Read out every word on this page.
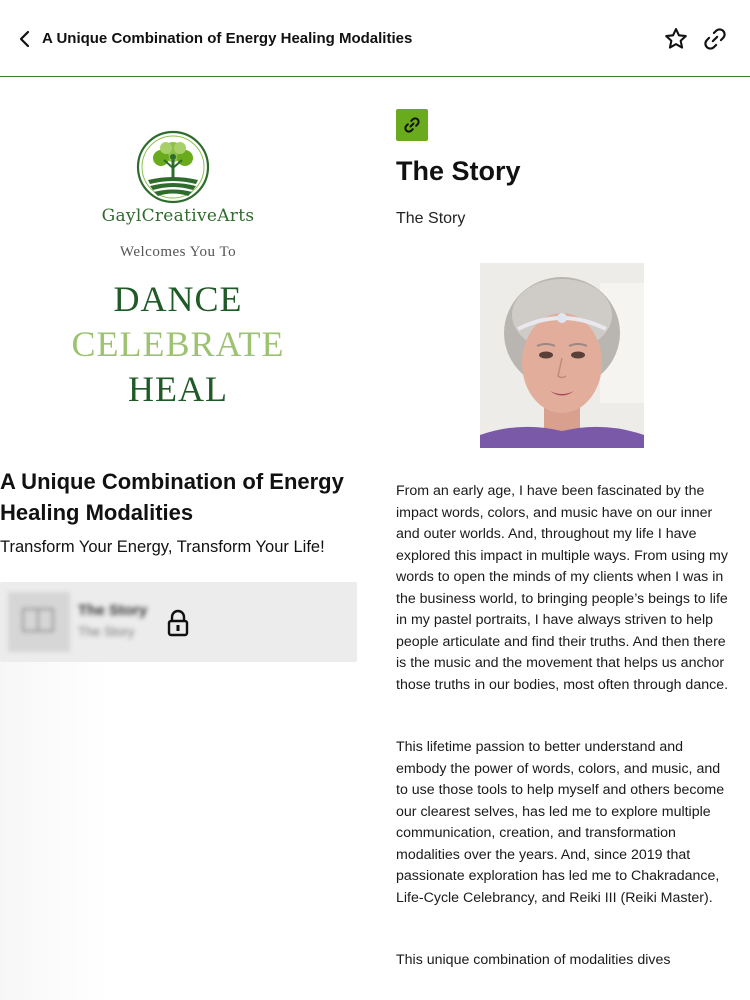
A Unique Combination of Energy Healing Modalities
GaylCreativeArts
Welcomes You To
DANCE
CELEBRATE
HEAL
A Unique Combination of Energy Healing Modalities
Transform Your Energy, Transform Your Life!
The Story
The Story
The Story
The Story
From an early age, I have been fascinated by the impact words, colors, and music have on our inner and outer worlds. And, throughout my life I have explored this impact in multiple ways. From using my words to open the minds of my clients when I was in the business world, to bringing people’s beings to life in my pastel portraits, I have always striven to help people articulate and find their truths. And then there is the music and the movement that helps us anchor those truths in our bodies, most often through dance.
This lifetime passion to better understand and embody the power of words, colors, and music, and to use those tools to help myself and others become our clearest selves, has led me to explore multiple communication, creation, and transformation modalities over the years. And, since 2019 that passionate exploration has led me to Chakradance, Life-Cycle Celebrancy, and Reiki III (Reiki Master).
This unique combination of modalities dives
